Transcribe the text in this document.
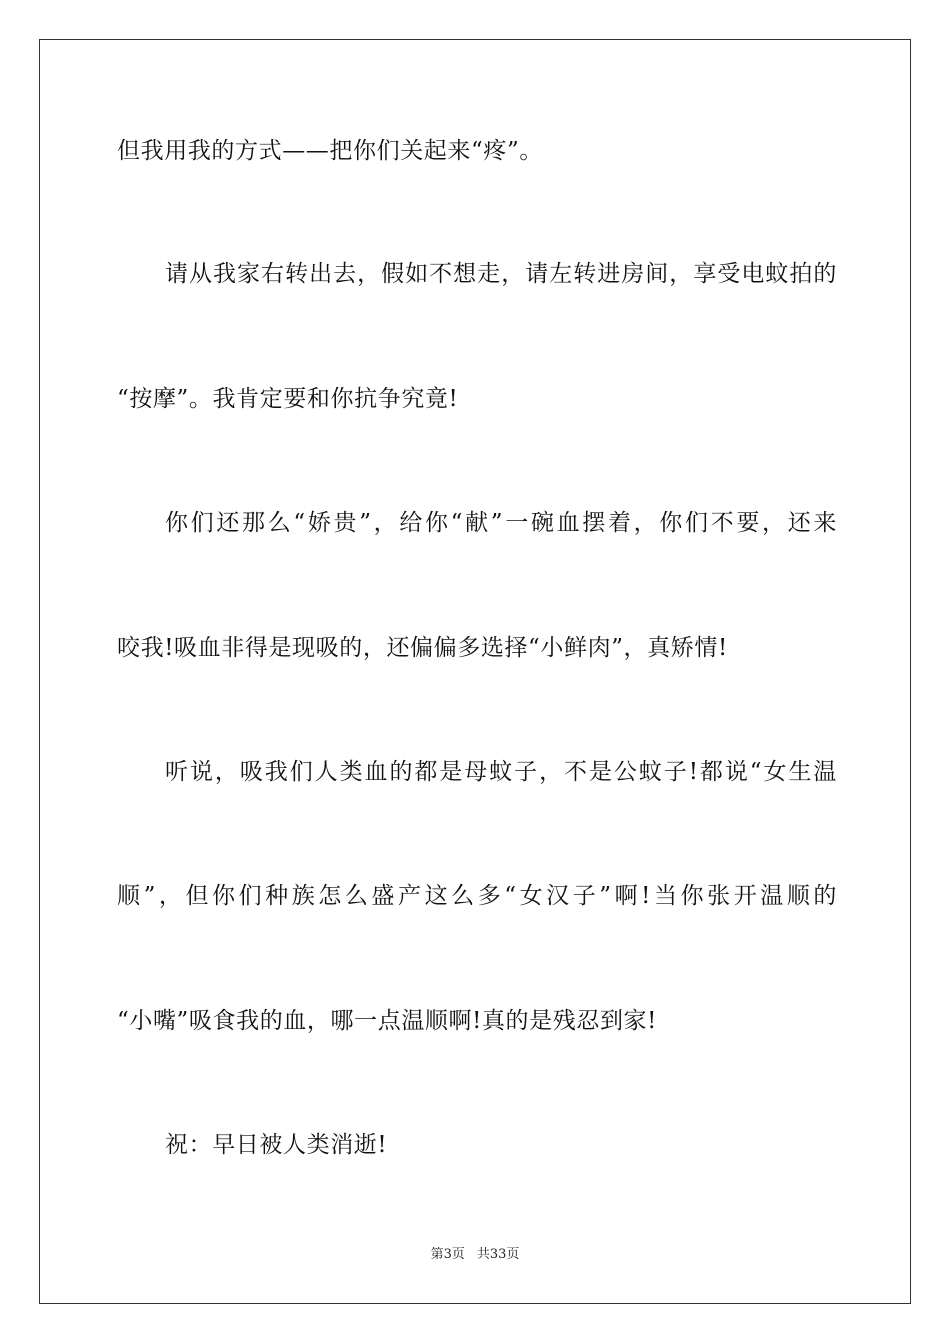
但我用我的方式——把你们关起来“疼”。
请从我家右转出去，假如不想走，请左转进房间，享受电蚊拍的
“按摩”。我肯定要和你抗争究竟!
你们还那么“娇贵”，给你“献”一碗血摆着，你们不要，还来
咬我!吸血非得是现吸的，还偏偏多选择“小鲜肉”，真矫情!
听说，吸我们人类血的都是母蚊子，不是公蚊子!都说“女生温
顺”，但你们种族怎么盛产这么多“女汉子”啊!当你张开温顺的
“小嘴”吸食我的血，哪一点温顺啊!真的是残忍到家!
祝：早日被人类消逝!
第3页 共33页
